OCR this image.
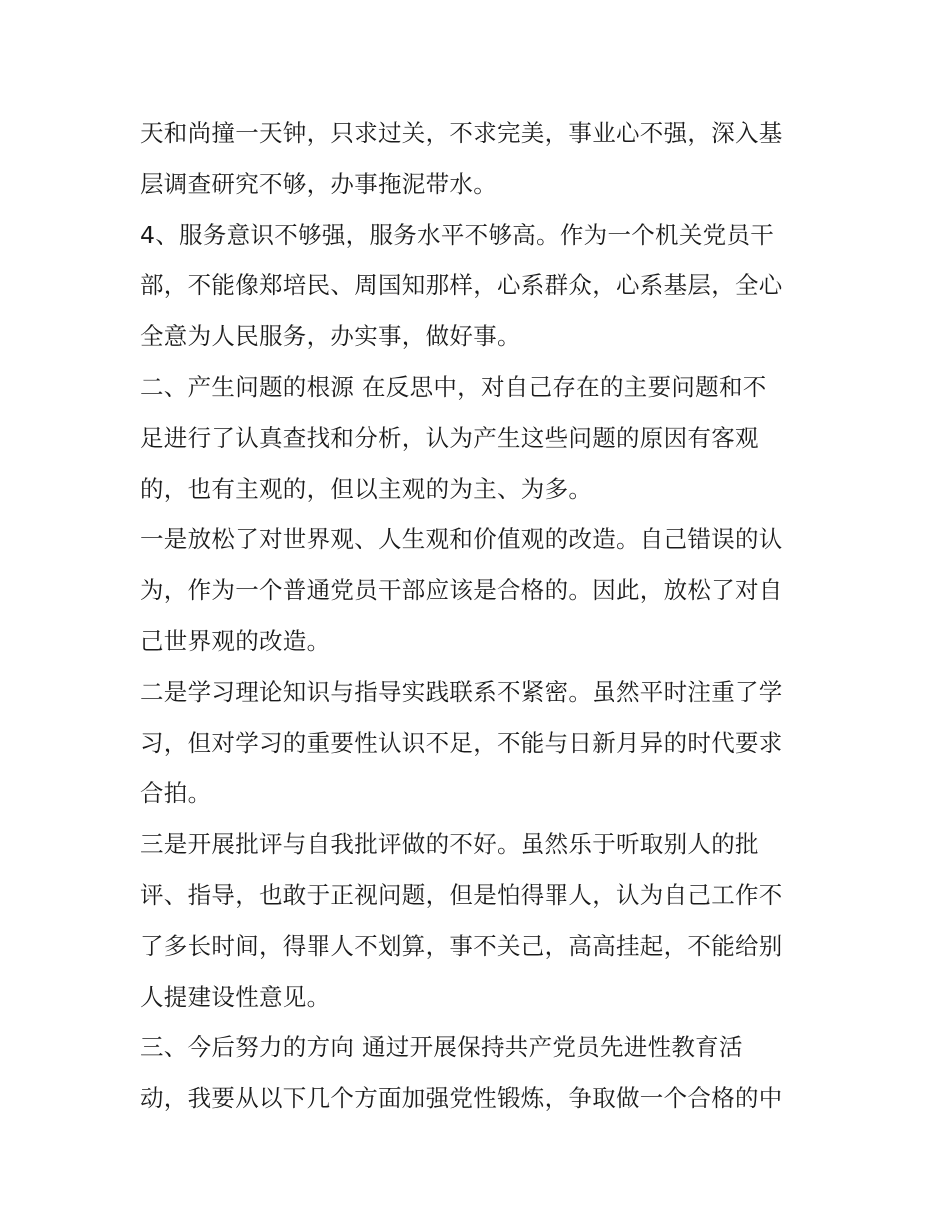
天和尚撞一天钟，只求过关，不求完美，事业心不强，深入基
层调查研究不够，办事拖泥带水。
4、服务意识不够强，服务水平不够高。作为一个机关党员干
部，不能像郑培民、周国知那样，心系群众，心系基层，全心
全意为人民服务，办实事，做好事。
二、产生问题的根源 在反思中，对自己存在的主要问题和不
足进行了认真查找和分析，认为产生这些问题的原因有客观
的，也有主观的，但以主观的为主、为多。
一是放松了对世界观、人生观和价值观的改造。自己错误的认
为，作为一个普通党员干部应该是合格的。因此，放松了对自
己世界观的改造。
二是学习理论知识与指导实践联系不紧密。虽然平时注重了学
习，但对学习的重要性认识不足，不能与日新月异的时代要求
合拍。
三是开展批评与自我批评做的不好。虽然乐于听取别人的批
评、指导，也敢于正视问题，但是怕得罪人，认为自己工作不
了多长时间，得罪人不划算，事不关己，高高挂起，不能给别
人提建设性意见。
三、今后努力的方向 通过开展保持共产党员先进性教育活
动，我要从以下几个方面加强党性锻炼，争取做一个合格的中
